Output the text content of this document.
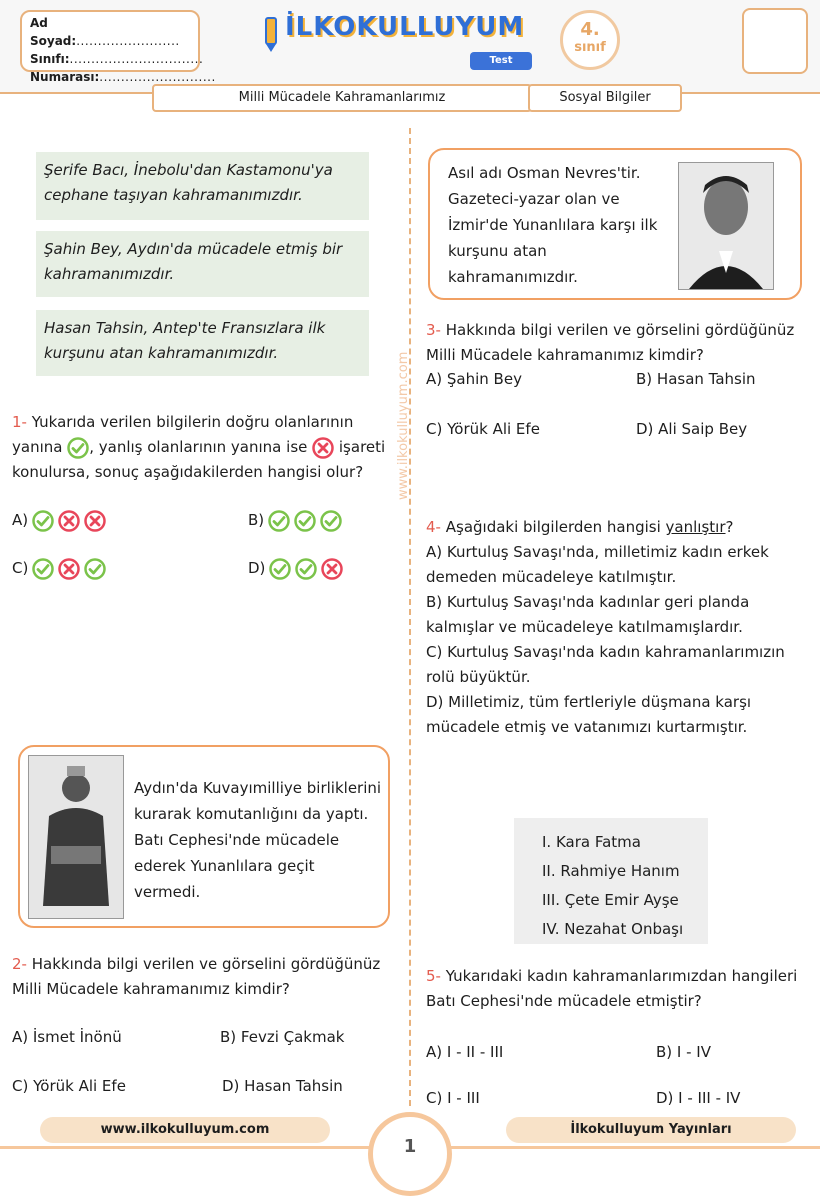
Ad Soyad:........................
Sınıfı:...............................
Numarası:...........................
İLKOKULLUYUM
Test
4.
sınıf
Milli Mücadele Kahramanlarımız	Sosyal Bilgiler
www.ilkokulluyum.com
Şerife Bacı, İnebolu'dan Kastamonu'ya cephane taşıyan kahramanımızdır.
Şahin Bey, Aydın'da mücadele etmiş bir kahramanımızdır.
Hasan Tahsin, Antep'te Fransızlara ilk kurşunu atan kahramanımızdır.
1- Yukarıda verilen bilgilerin doğru olanlarının yanına , yanlış olanlarının yanına ise  işareti konulursa, sonuç aşağıdakilerden hangisi olur?
A)	B)
C)	D)
Aydın'da Kuvayımilliye birliklerini kurarak komutanlığını da yaptı. Batı Cephesi'nde mücadele ederek Yunanlılara geçit vermedi.
2- Hakkında bilgi verilen ve görselini gördüğünüz Milli Mücadele kahramanımız kimdir?
A) İsmet İnönü	B) Fevzi Çakmak
C) Yörük Ali Efe	D) Hasan Tahsin
Asıl adı Osman Nevres'tir. Gazeteci-yazar olan ve İzmir'de Yunanlılara karşı ilk kurşunu atan kahramanımızdır.
3- Hakkında bilgi verilen ve görselini gördüğünüz Milli Mücadele kahramanımız kimdir?
A) Şahin Bey	B) Hasan Tahsin
C) Yörük Ali Efe	D) Ali Saip Bey
4- Aşağıdaki bilgilerden hangisi yanlıştır?
A) Kurtuluş Savaşı'nda, milletimiz kadın erkek demeden mücadeleye katılmıştır.
B) Kurtuluş Savaşı'nda kadınlar geri planda kalmışlar ve mücadeleye katılmamışlardır.
C) Kurtuluş Savaşı'nda kadın kahramanlarımızın rolü büyüktür.
D) Milletimiz, tüm fertleriyle düşmana karşı mücadele etmiş ve vatanımızı kurtarmıştır.
I. Kara Fatma
II. Rahmiye Hanım
III. Çete Emir Ayşe
IV. Nezahat Onbaşı
5- Yukarıdaki kadın kahramanlarımızdan hangileri Batı Cephesi'nde mücadele etmiştir?
A) I - II - III	B) I - IV
C) I - III	D) I - III - IV
www.ilkokulluyum.com	İlkokulluyum Yayınları
1
